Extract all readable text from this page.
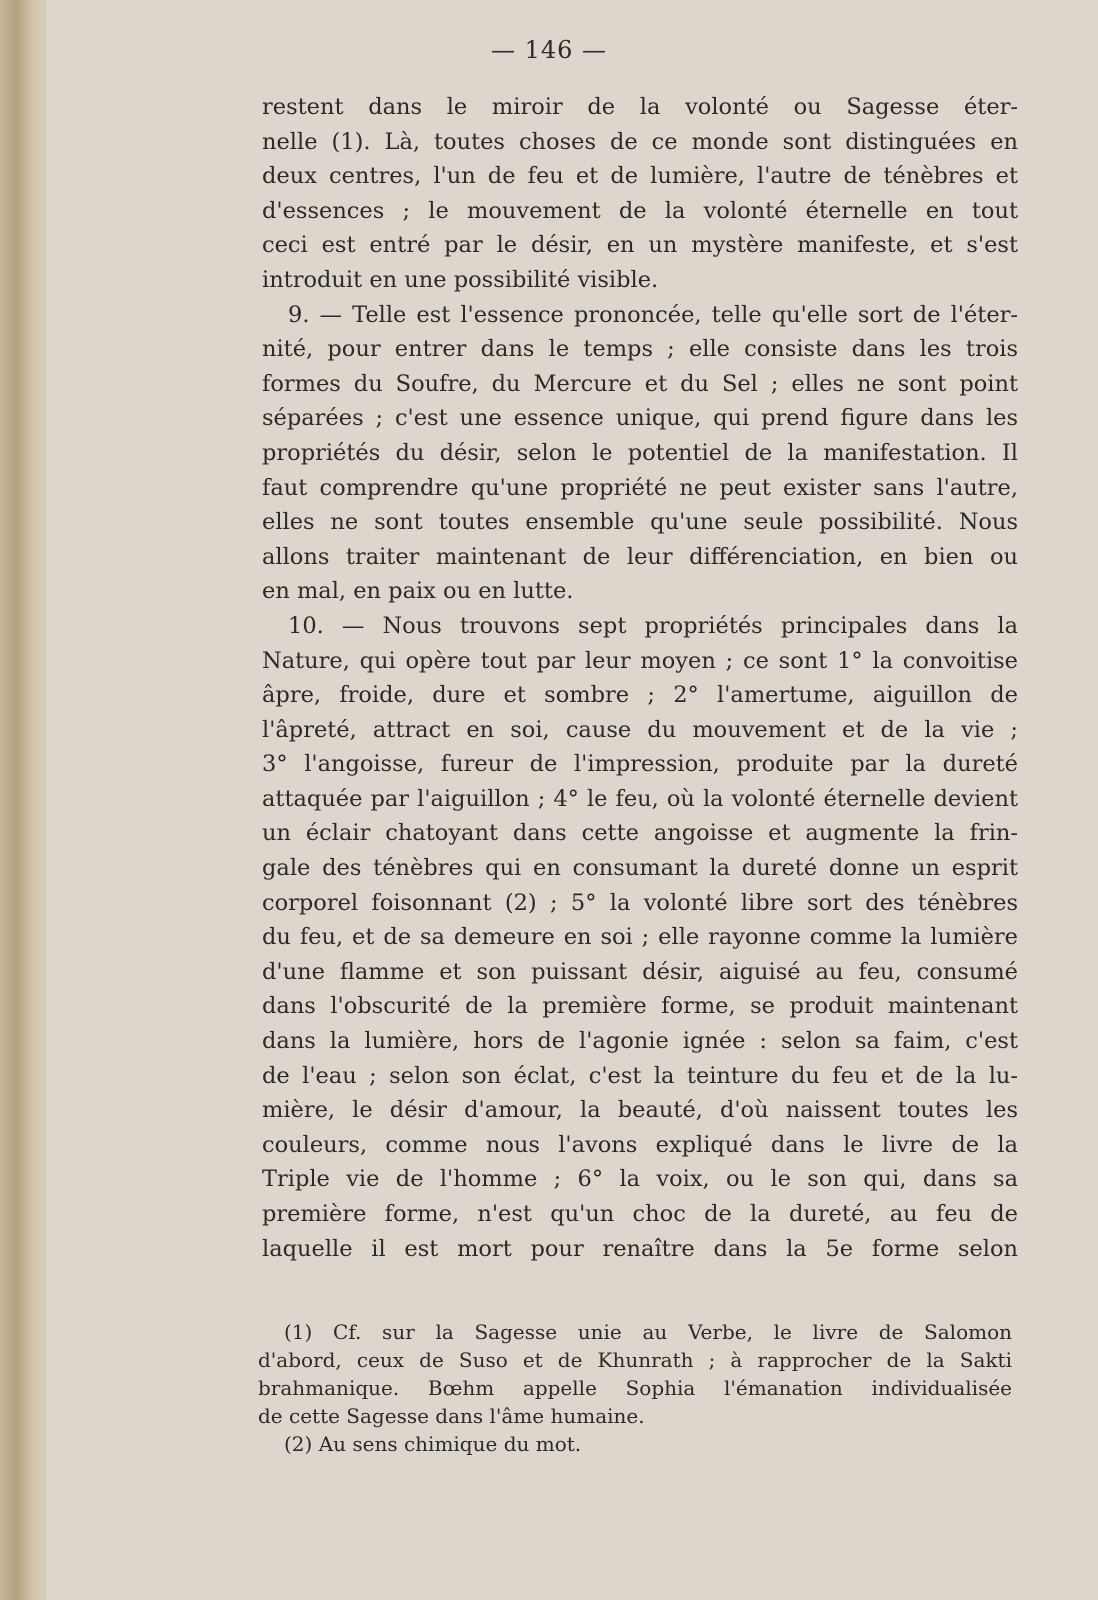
— 146 —
restent dans le miroir de la volonté ou Sagesse éter-
nelle (1). Là, toutes choses de ce monde sont distinguées en
deux centres, l'un de feu et de lumière, l'autre de ténèbres et
d'essences ; le mouvement de la volonté éternelle en tout
ceci est entré par le désir, en un mystère manifeste, et s'est
introduit en une possibilité visible.
9. — Telle est l'essence prononcée, telle qu'elle sort de l'éter-
nité, pour entrer dans le temps ; elle consiste dans les trois
formes du Soufre, du Mercure et du Sel ; elles ne sont point
séparées ; c'est une essence unique, qui prend figure dans les
propriétés du désir, selon le potentiel de la manifestation. Il
faut comprendre qu'une propriété ne peut exister sans l'autre,
elles ne sont toutes ensemble qu'une seule possibilité. Nous
allons traiter maintenant de leur différenciation, en bien ou
en mal, en paix ou en lutte.
10. — Nous trouvons sept propriétés principales dans la
Nature, qui opère tout par leur moyen ; ce sont 1° la convoitise
âpre, froide, dure et sombre ; 2° l'amertume, aiguillon de
l'âpreté, attract en soi, cause du mouvement et de la vie ;
3° l'angoisse, fureur de l'impression, produite par la dureté
attaquée par l'aiguillon ; 4° le feu, où la volonté éternelle devient
un éclair chatoyant dans cette angoisse et augmente la frin-
gale des ténèbres qui en consumant la dureté donne un esprit
corporel foisonnant (2) ; 5° la volonté libre sort des ténèbres
du feu, et de sa demeure en soi ; elle rayonne comme la lumière
d'une flamme et son puissant désir, aiguisé au feu, consumé
dans l'obscurité de la première forme, se produit maintenant
dans la lumière, hors de l'agonie ignée : selon sa faim, c'est
de l'eau ; selon son éclat, c'est la teinture du feu et de la lu-
mière, le désir d'amour, la beauté, d'où naissent toutes les
couleurs, comme nous l'avons expliqué dans le livre de la
Triple vie de l'homme ; 6° la voix, ou le son qui, dans sa
première forme, n'est qu'un choc de la dureté, au feu de
laquelle il est mort pour renaître dans la 5e forme selon
(1) Cf. sur la Sagesse unie au Verbe, le livre de Salomon
d'abord, ceux de Suso et de Khunrath ; à rapprocher de la Sakti
brahmanique. Bœhm appelle Sophia l'émanation individualisée
de cette Sagesse dans l'âme humaine.
(2) Au sens chimique du mot.
